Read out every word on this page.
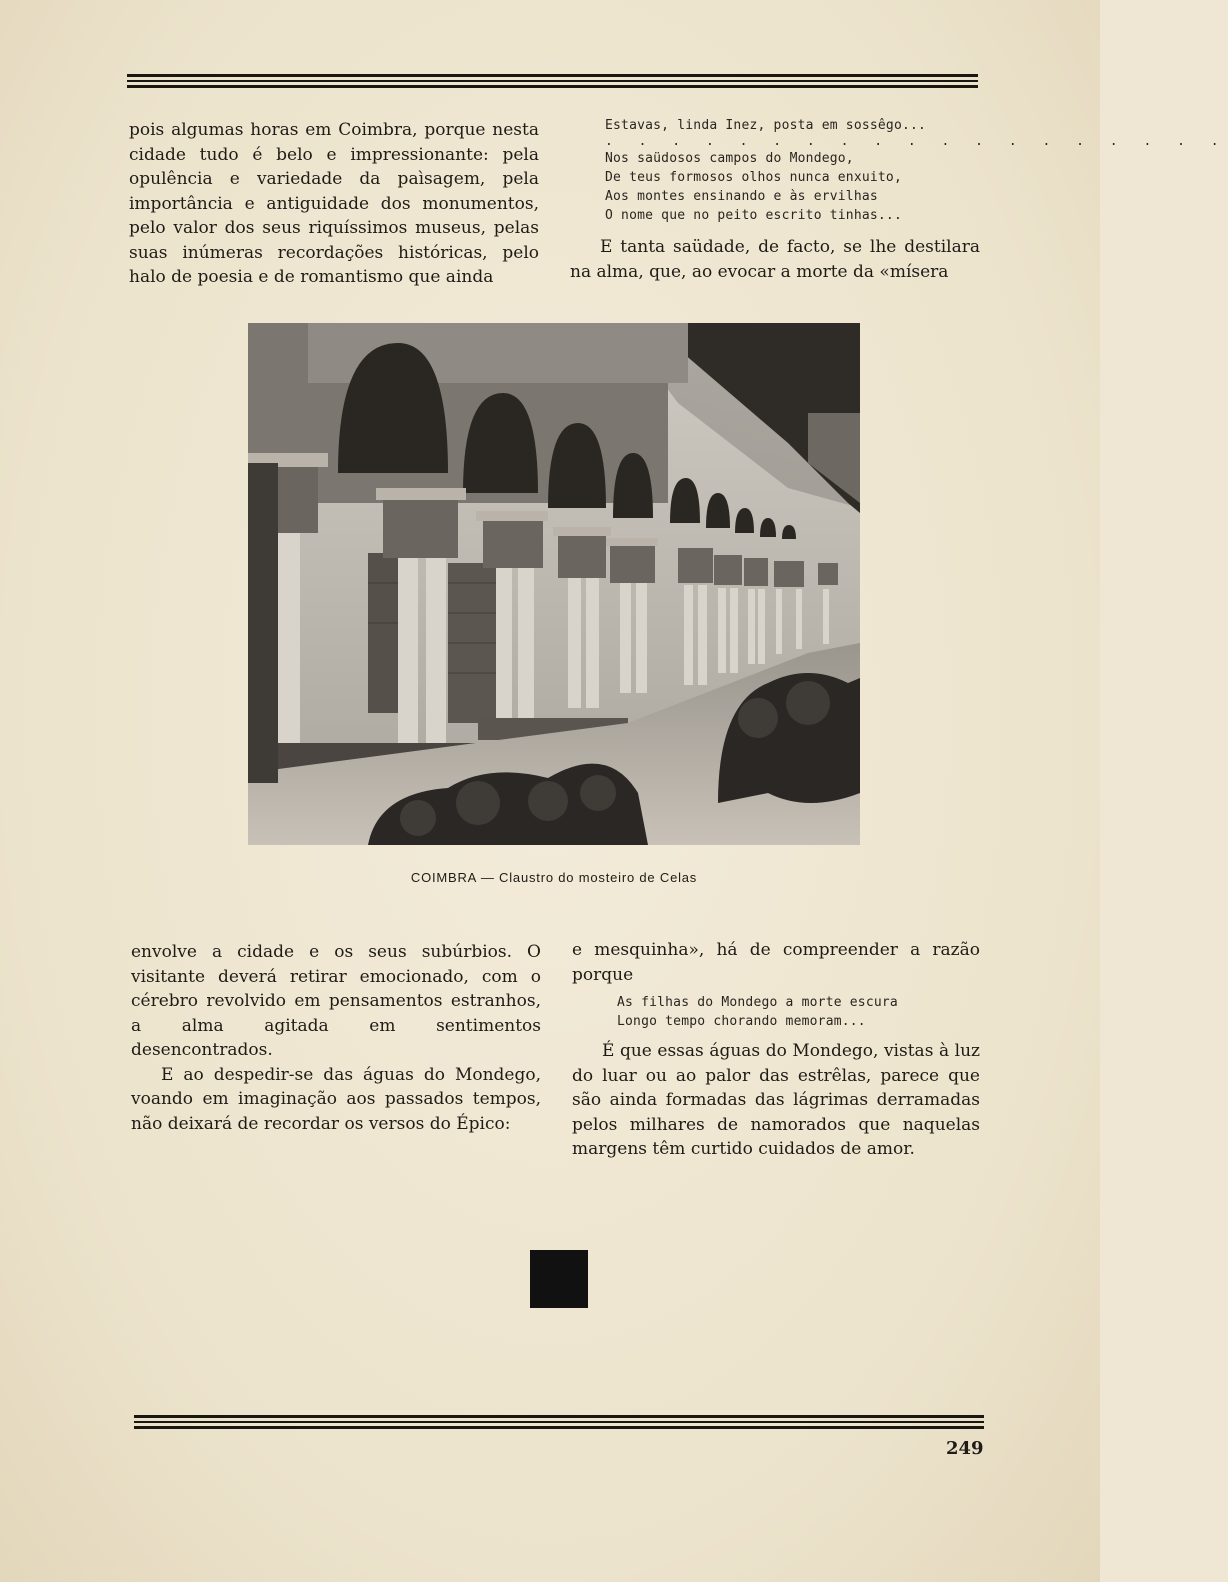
pois algumas horas em Coimbra, porque nesta cidade tudo é belo e impressionante: pela opulência e variedade da paìsagem, pela importância e antiguidade dos monumentos, pelo valor dos seus riquíssimos museus, pelas suas inúmeras recordações históricas, pelo halo de poesia e de romantismo que ainda

Estavas, linda Inez, posta em sossêgo...
. . . . . . . . . . . . . . . . . . .
Nos saüdosos campos do Mondego,
De teus formosos olhos nunca enxuito,
Aos montes ensinando e às ervilhas
O nome que no peito escrito tinhas...

E tanta saüdade, de facto, se lhe destilara na alma, que, ao evocar a morte da «mísera

COIMBRA — Claustro do mosteiro de Celas

envolve a cidade e os seus subúrbios. O visitante deverá retirar emocionado, com o cérebro revolvido em pensamentos estranhos, a alma agitada em sentimentos desencontrados.

E ao despedir-se das águas do Mondego, voando em imaginação aos passados tempos, não deixará de recordar os versos do Épico:

e mesquinha», há de compreender a razão porque

As filhas do Mondego a morte escura
Longo tempo chorando memoram...

É que essas águas do Mondego, vistas à luz do luar ou ao palor das estrêlas, parece que são ainda formadas das lágrimas derramadas pelos milhares de namorados que naquelas margens têm curtido cuidados de amor.

249
